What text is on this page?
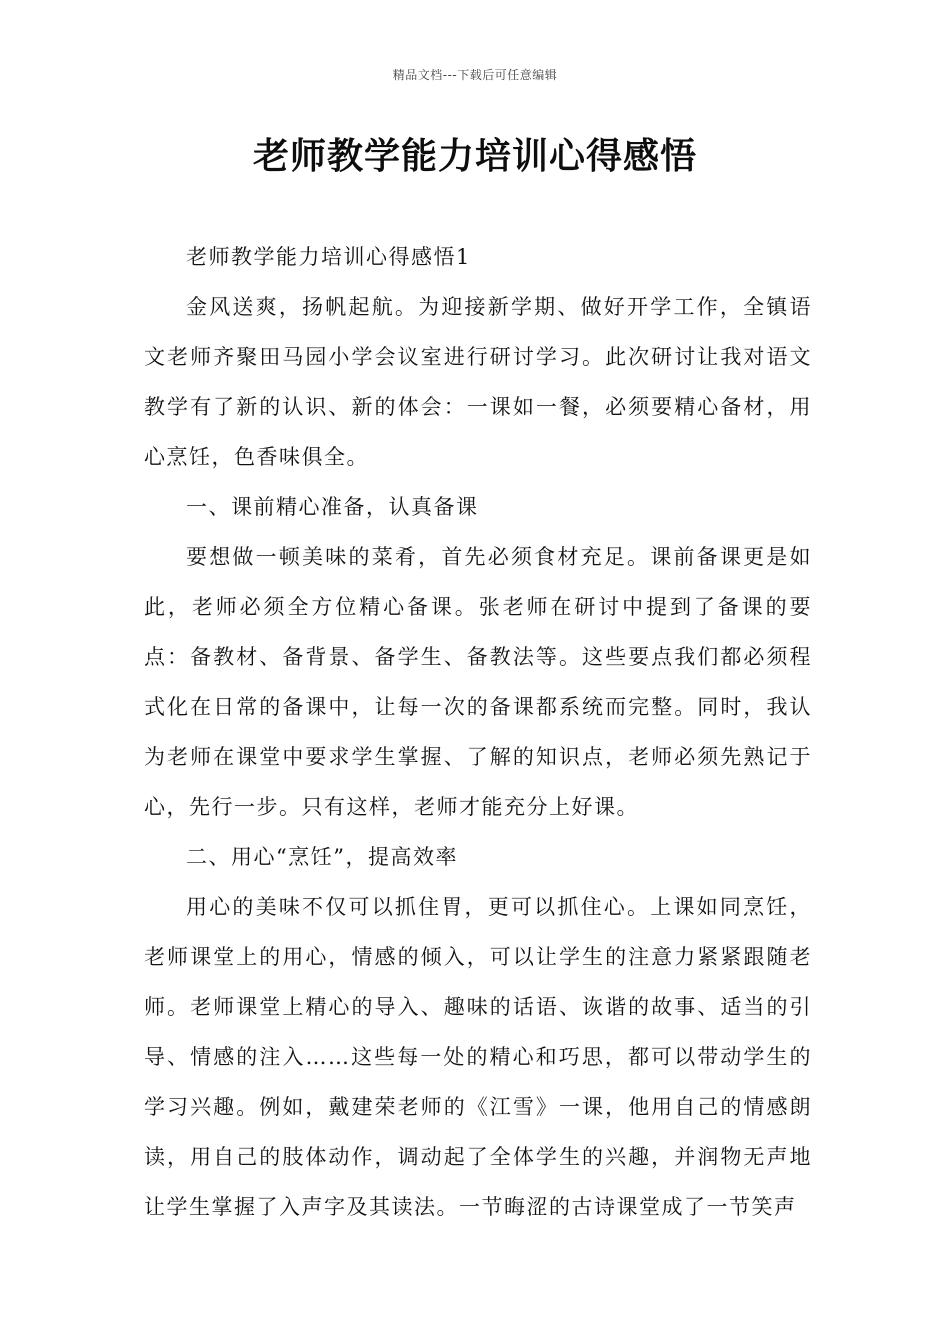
精品文档---下载后可任意编辑
老师教学能力培训心得感悟

老师教学能力培训心得感悟1

金风送爽，扬帆起航。为迎接新学期、做好开学工作，全镇语文老师齐聚田马园小学会议室进行研讨学习。此次研讨让我对语文教学有了新的认识、新的体会：一课如一餐，必须要精心备材，用心烹饪，色香味俱全。

一、课前精心准备，认真备课

要想做一顿美味的菜肴，首先必须食材充足。课前备课更是如此，老师必须全方位精心备课。张老师在研讨中提到了备课的要点：备教材、备背景、备学生、备教法等。这些要点我们都必须程式化在日常的备课中，让每一次的备课都系统而完整。同时，我认为老师在课堂中要求学生掌握、了解的知识点，老师必须先熟记于心，先行一步。只有这样，老师才能充分上好课。

二、用心“烹饪”，提高效率

用心的美味不仅可以抓住胃，更可以抓住心。上课如同烹饪，老师课堂上的用心，情感的倾入，可以让学生的注意力紧紧跟随老师。老师课堂上精心的导入、趣味的话语、诙谐的故事、适当的引导、情感的注入……这些每一处的精心和巧思，都可以带动学生的学习兴趣。例如，戴建荣老师的《江雪》一课，他用自己的情感朗读，用自己的肢体动作，调动起了全体学生的兴趣，并润物无声地让学生掌握了入声字及其读法。一节晦涩的古诗课堂成了一节笑声
